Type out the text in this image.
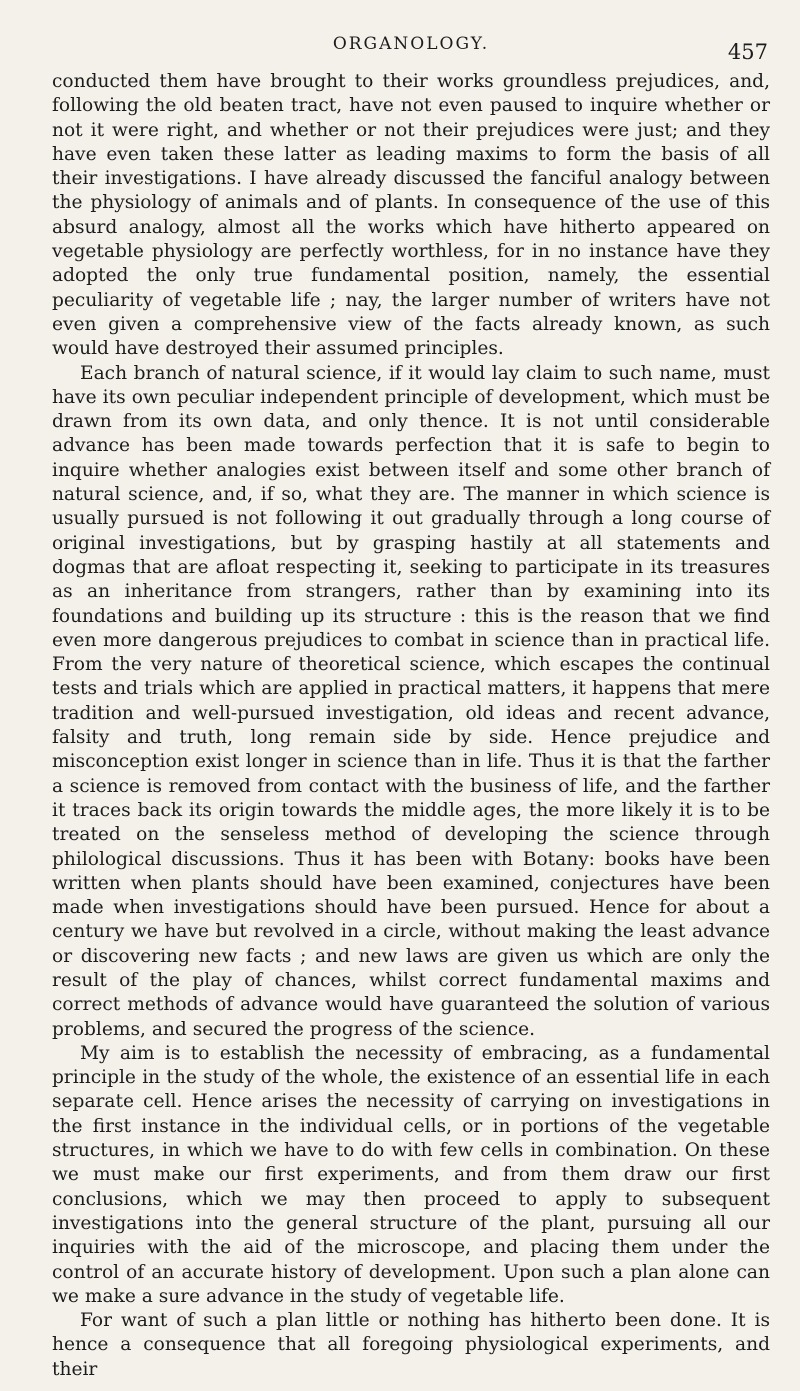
ORGANOLOGY.	457

conducted them have brought to their works groundless prejudices, and, following the old beaten tract, have not even paused to inquire whether or not it were right, and whether or not their prejudices were just; and they have even taken these latter as leading maxims to form the basis of all their investigations. I have already discussed the fanciful analogy between the physiology of animals and of plants. In consequence of the use of this absurd analogy, almost all the works which have hitherto appeared on vegetable physiology are perfectly worthless, for in no instance have they adopted the only true fundamental position, namely, the essential peculiarity of vegetable life ; nay, the larger number of writers have not even given a comprehensive view of the facts already known, as such would have destroyed their assumed principles.

Each branch of natural science, if it would lay claim to such name, must have its own peculiar independent principle of development, which must be drawn from its own data, and only thence. It is not until considerable advance has been made towards perfection that it is safe to begin to inquire whether analogies exist between itself and some other branch of natural science, and, if so, what they are. The manner in which science is usually pursued is not following it out gradually through a long course of original investigations, but by grasping hastily at all statements and dogmas that are afloat respecting it, seeking to participate in its treasures as an inheritance from strangers, rather than by examining into its foundations and building up its structure : this is the reason that we find even more dangerous prejudices to combat in science than in practical life. From the very nature of theoretical science, which escapes the continual tests and trials which are applied in practical matters, it happens that mere tradition and well-pursued investigation, old ideas and recent advance, falsity and truth, long remain side by side. Hence prejudice and misconception exist longer in science than in life. Thus it is that the farther a science is removed from contact with the business of life, and the farther it traces back its origin towards the middle ages, the more likely it is to be treated on the senseless method of developing the science through philological discussions. Thus it has been with Botany: books have been written when plants should have been examined, conjectures have been made when investigations should have been pursued. Hence for about a century we have but revolved in a circle, without making the least advance or discovering new facts ; and new laws are given us which are only the result of the play of chances, whilst correct fundamental maxims and correct methods of advance would have guaranteed the solution of various problems, and secured the progress of the science.

My aim is to establish the necessity of embracing, as a fundamental principle in the study of the whole, the existence of an essential life in each separate cell. Hence arises the necessity of carrying on investigations in the first instance in the individual cells, or in portions of the vegetable structures, in which we have to do with few cells in combination. On these we must make our first experiments, and from them draw our first conclusions, which we may then proceed to apply to subsequent investigations into the general structure of the plant, pursuing all our inquiries with the aid of the microscope, and placing them under the control of an accurate history of development. Upon such a plan alone can we make a sure advance in the study of vegetable life.

For want of such a plan little or nothing has hitherto been done. It is hence a consequence that all foregoing physiological experiments, and their
